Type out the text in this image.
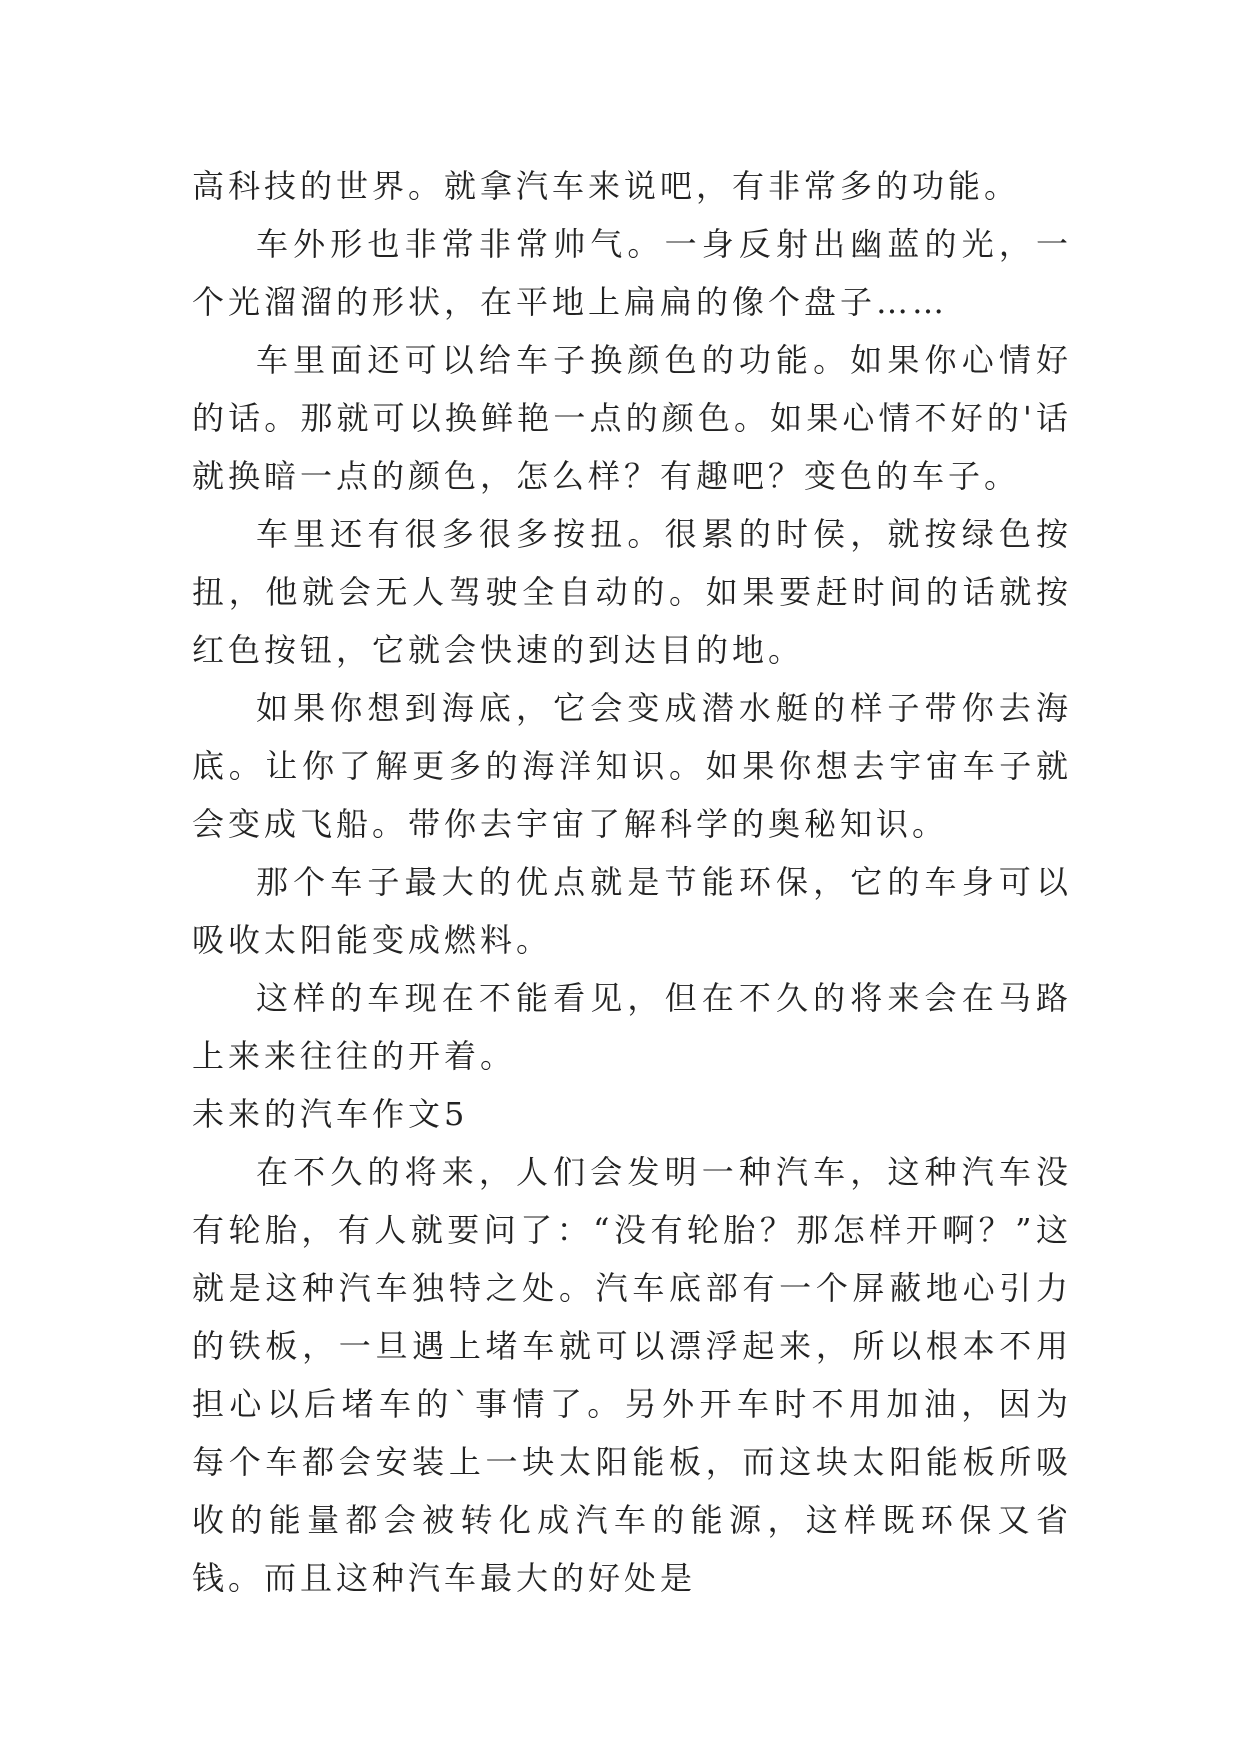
高科技的世界。就拿汽车来说吧，有非常多的功能。

车外形也非常非常帅气。一身反射出幽蓝的光，一个光溜溜的形状，在平地上扁扁的像个盘子……

车里面还可以给车子换颜色的功能。如果你心情好的话。那就可以换鲜艳一点的颜色。如果心情不好的'话就换暗一点的颜色，怎么样？有趣吧？变色的车子。

车里还有很多很多按扭。很累的时侯，就按绿色按扭，他就会无人驾驶全自动的。如果要赶时间的话就按红色按钮，它就会快速的到达目的地。

如果你想到海底，它会变成潜水艇的样子带你去海底。让你了解更多的海洋知识。如果你想去宇宙车子就会变成飞船。带你去宇宙了解科学的奥秘知识。

那个车子最大的优点就是节能环保，它的车身可以吸收太阳能变成燃料。

这样的车现在不能看见，但在不久的将来会在马路上来来往往的开着。

未来的汽车作文5

在不久的将来，人们会发明一种汽车，这种汽车没有轮胎，有人就要问了：“没有轮胎？那怎样开啊？”这就是这种汽车独特之处。汽车底部有一个屏蔽地心引力的铁板，一旦遇上堵车就可以漂浮起来，所以根本不用担心以后堵车的`事情了。另外开车时不用加油，因为每个车都会安装上一块太阳能板，而这块太阳能板所吸收的能量都会被转化成汽车的能源，这样既环保又省钱。而且这种汽车最大的好处是
